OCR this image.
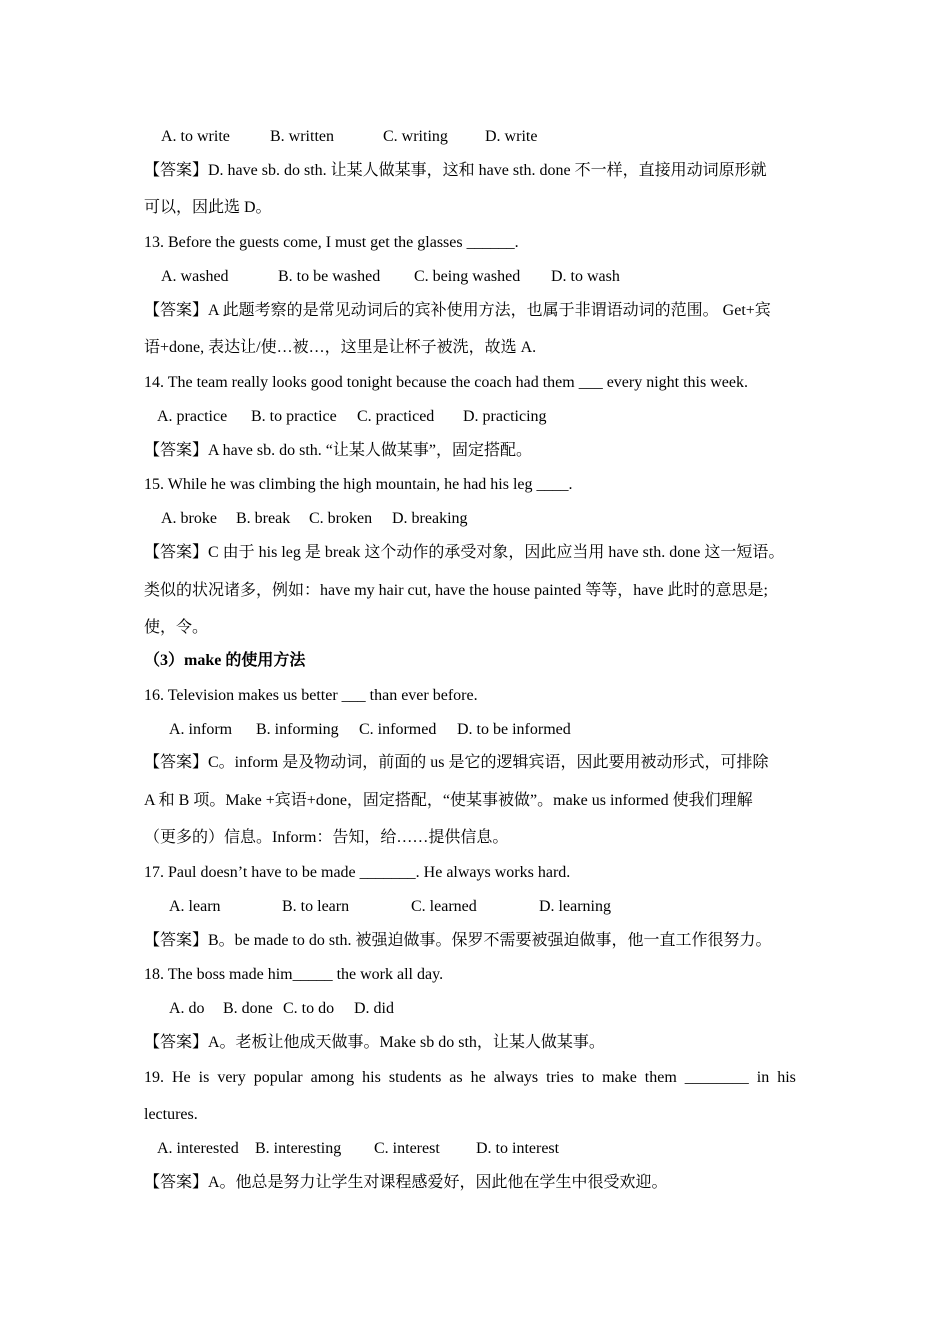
A. to write	B. written	C. writing D. write
【答案】D. have sb. do sth. 让某人做某事，这和 have sth. done 不一样，直接用动词原形就
可以，因此选 D。
13. Before the guests come, I must get the glasses ______.
A. washed	B. to be washed C. being washed D. to wash
【答案】A 此题考察的是常见动词后的宾补使用方法，也属于非谓语动词的范围。 Get+宾
语+done, 表达让/使…被…，这里是让杯子被洗，故选 A.
14. The team really looks good tonight because the coach had them ___ every night this week.
A. practice B. to practice C. practiced D. practicing
【答案】A have sb. do sth. “让某人做某事”，固定搭配。
15. While he was climbing the high mountain, he had his leg ____.
A. broke B. break C. broken D. breaking
【答案】C 由于 his leg 是 break 这个动作的承受对象，因此应当用 have sth. done 这一短语。
类似的状况诸多，例如：have my hair cut, have the house painted 等等，have 此时的意思是;
使，令。
（3）make 的使用方法
16. Television makes us better ___ than ever before.
A. inform B. informing C. informed D. to be informed
【答案】C。inform 是及物动词，前面的 us 是它的逻辑宾语，因此要用被动形式，可排除
A 和 B 项。Make +宾语+done，固定搭配，“使某事被做”。make us informed 使我们理解
（更多的）信息。Inform：告知，给……提供信息。
17. Paul doesn’t have to be made _______. He always works hard.
A. learn	B. to learn	C. learned	D. learning
【答案】B。be made to do sth. 被强迫做事。保罗不需要被强迫做事，他一直工作很努力。
18. The boss made him_____ the work all day.
A. do B. done C. to do D. did
【答案】A。老板让他成天做事。Make sb do sth，让某人做某事。
19.  He  is  very  popular  among  his  students  as  he  always  tries  to  make  them  ________  in  his
lectures.
A. interested B. interesting C. interest D. to interest
【答案】A。他总是努力让学生对课程感爱好，因此他在学生中很受欢迎。
